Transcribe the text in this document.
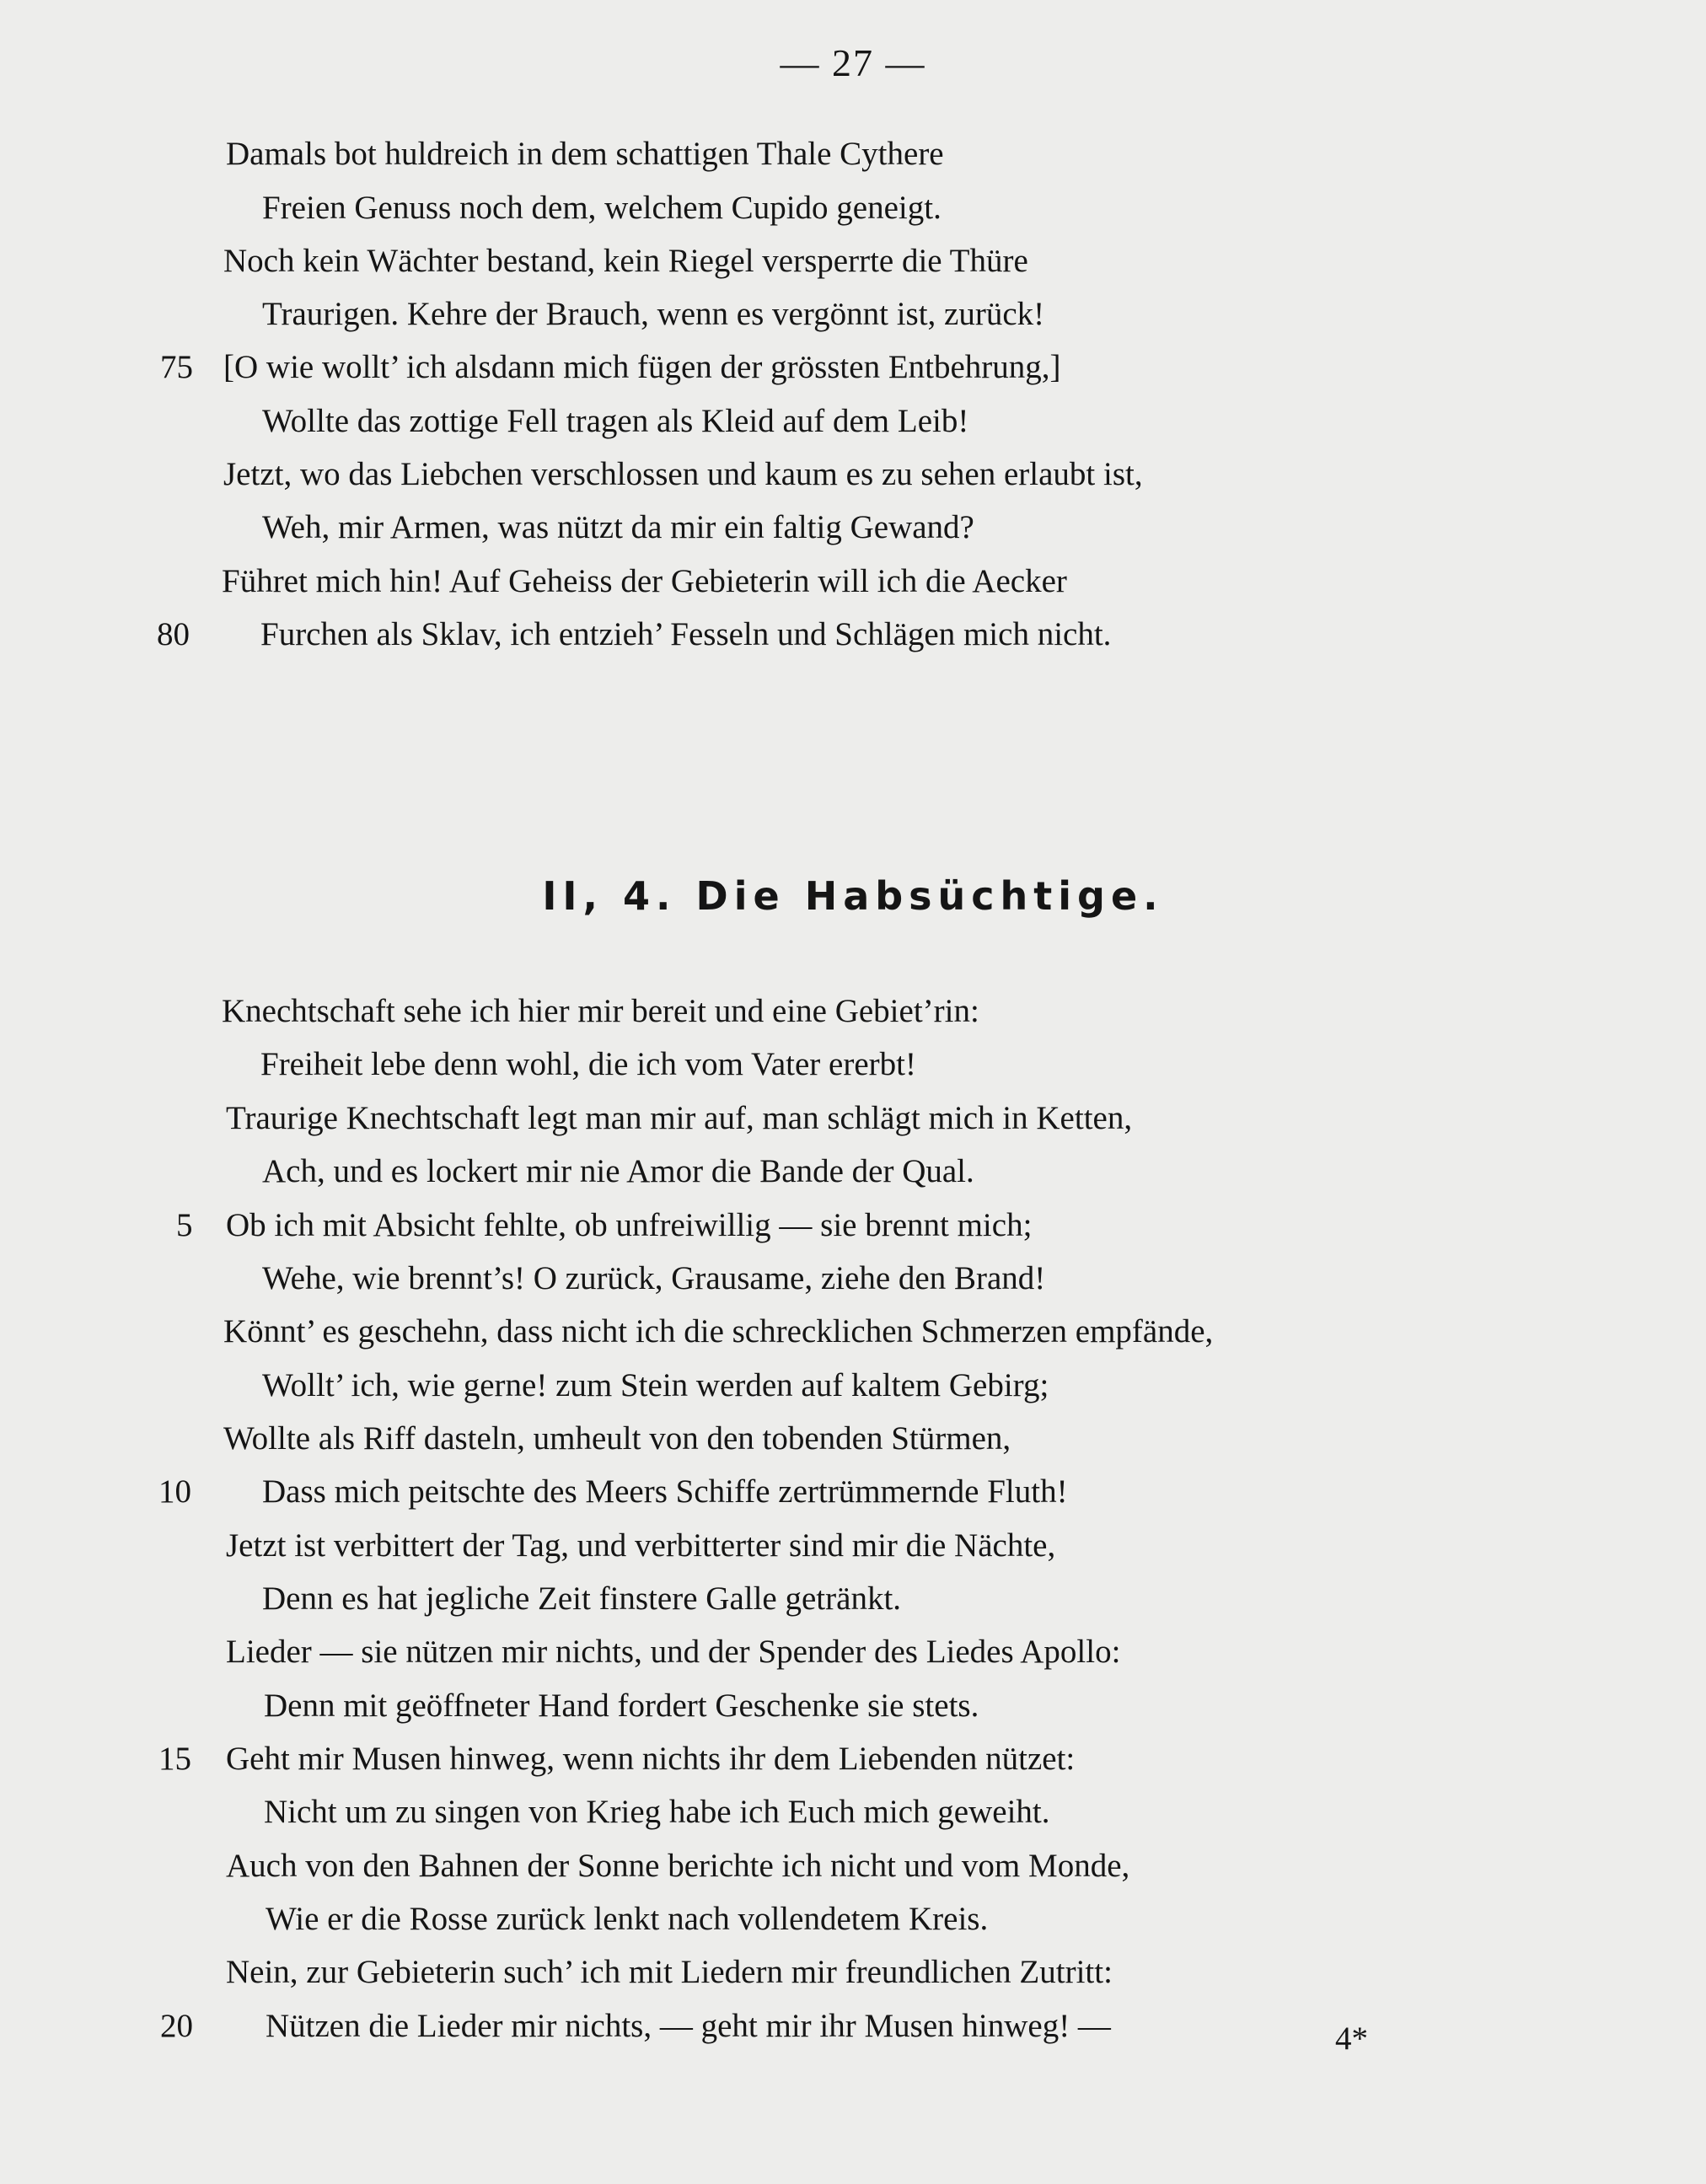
— 27 —
Damals bot huldreich in dem schattigen Thale Cythere
Freien Genuss noch dem, welchem Cupido geneigt.
Noch kein Wächter bestand, kein Riegel versperrte die Thüre
Traurigen. Kehre der Brauch, wenn es vergönnt ist, zurück!
75 [O wie wollt’ ich alsdann mich fügen der grössten Entbehrung,]
Wollte das zottige Fell tragen als Kleid auf dem Leib!
Jetzt, wo das Liebchen verschlossen und kaum es zu sehen erlaubt ist,
Weh, mir Armen, was nützt da mir ein faltig Gewand?
Führet mich hin! Auf Geheiss der Gebieterin will ich die Aecker
80 Furchen als Sklav, ich entzieh’ Fesseln und Schlägen mich nicht.
II, 4. Die Habsüchtige.
Knechtschaft sehe ich hier mir bereit und eine Gebiet’rin:
Freiheit lebe denn wohl, die ich vom Vater ererbt!
Traurige Knechtschaft legt man mir auf, man schlägt mich in Ketten,
Ach, und es lockert mir nie Amor die Bande der Qual.
5 Ob ich mit Absicht fehlte, ob unfreiwillig — sie brennt mich;
Wehe, wie brennt’s! O zurück, Grausame, ziehe den Brand!
Könnt’ es geschehn, dass nicht ich die schrecklichen Schmerzen empfände,
Wollt’ ich, wie gerne! zum Stein werden auf kaltem Gebirg;
Wollte als Riff dasteln, umheult von den tobenden Stürmen,
10 Dass mich peitschte des Meers Schiffe zertrümmernde Fluth!
Jetzt ist verbittert der Tag, und verbitterter sind mir die Nächte,
Denn es hat jegliche Zeit finstere Galle getränkt.
Lieder — sie nützen mir nichts, und der Spender des Liedes Apollo:
Denn mit geöffneter Hand fordert Geschenke sie stets.
15 Geht mir Musen hinweg, wenn nichts ihr dem Liebenden nützet:
Nicht um zu singen von Krieg habe ich Euch mich geweiht.
Auch von den Bahnen der Sonne berichte ich nicht und vom Monde,
Wie er die Rosse zurück lenkt nach vollendetem Kreis.
Nein, zur Gebieterin such’ ich mit Liedern mir freundlichen Zutritt:
20 Nützen die Lieder mir nichts, — geht mir ihr Musen hinweg! —	4*
